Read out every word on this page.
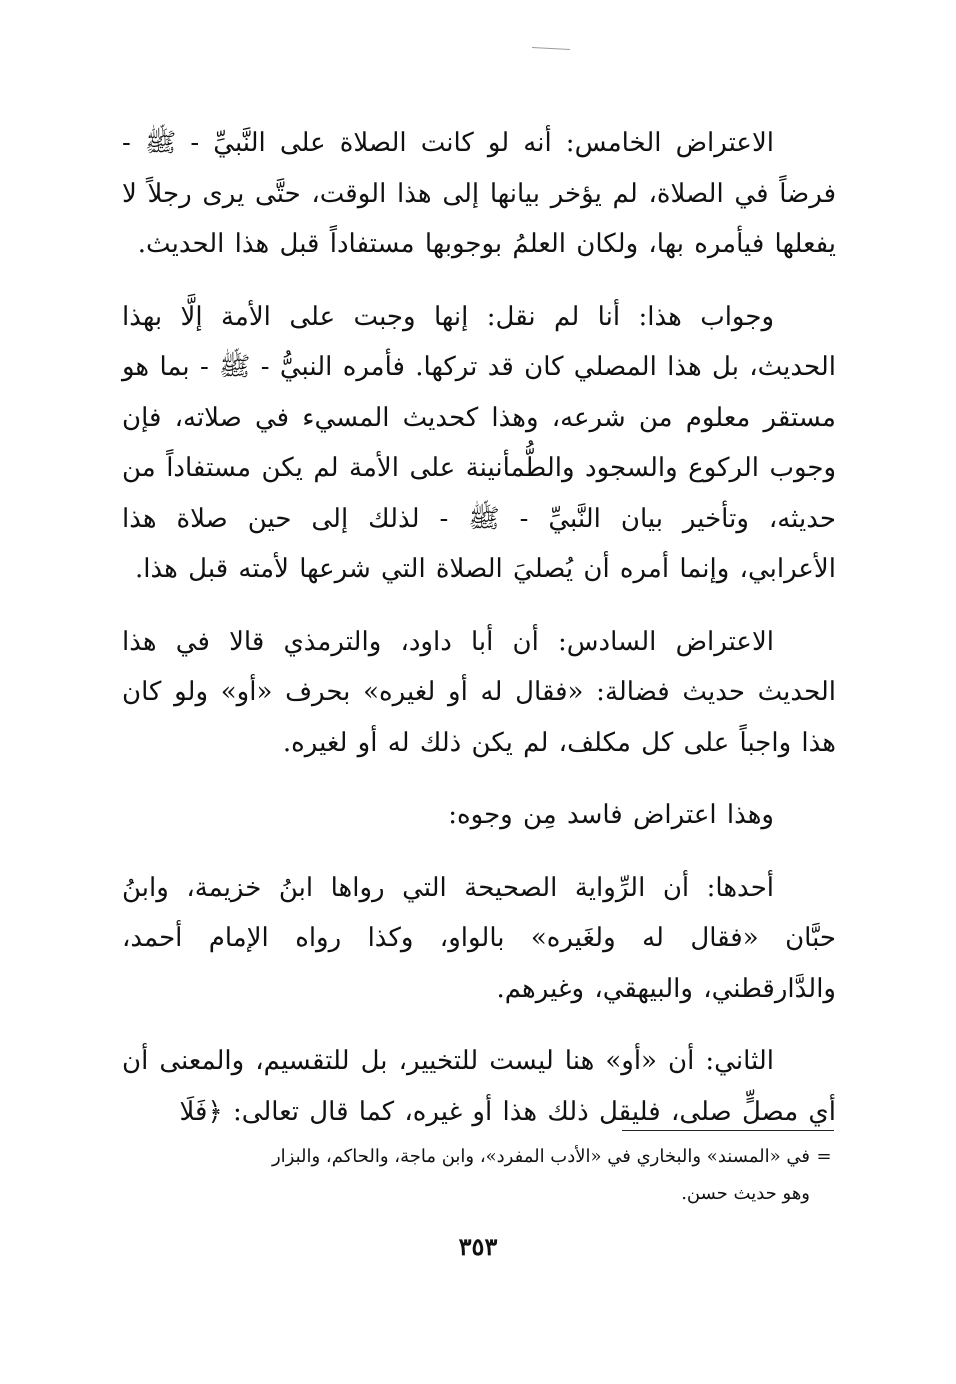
الاعتراض الخامس: أنه لو كانت الصلاة على النَّبيِّ - ﷺ - فرضاً في الصلاة، لم يؤخر بيانها إلى هذا الوقت، حتَّى يرى رجلاً لا يفعلها فيأمره بها، ولكان العلمُ بوجوبها مستفاداً قبل هذا الحديث.

وجواب هذا: أنا لم نقل: إنها وجبت على الأمة إلَّا بهذا الحديث، بل هذا المصلي كان قد تركها. فأمره النبيُّ - ﷺ - بما هو مستقر معلوم من شرعه، وهذا كحديث المسيء في صلاته، فإن وجوب الركوع والسجود والطُّمأنينة على الأمة لم يكن مستفاداً من حديثه، وتأخير بيان النَّبيِّ - ﷺ - لذلك إلى حين صلاة هذا الأعرابي، وإنما أمره أن يُصليَ الصلاة التي شرعها لأمته قبل هذا.

الاعتراض السادس: أن أبا داود، والترمذي قالا في هذا الحديث حديث فضالة: «فقال له أو لغيره» بحرف «أو» ولو كان هذا واجباً على كل مكلف، لم يكن ذلك له أو لغيره.

وهذا اعتراض فاسد مِن وجوه:

أحدها: أن الرِّواية الصحيحة التي رواها ابنُ خزيمة، وابنُ حبَّان «فقال له ولغَيره» بالواو، وكذا رواه الإمام أحمد، والدَّارقطني، والبيهقي، وغيرهم.

الثاني: أن «أو» هنا ليست للتخيير، بل للتقسيم، والمعنى أن أي مصلٍّ صلى، فليقل ذلك هذا أو غيره، كما قال تعالى: ﴿فَلَا

=في «المسند» والبخاري في «الأدب المفرد»، وابن ماجة، والحاكم، والبزار
وهو حديث حسن.
٣٥٣
